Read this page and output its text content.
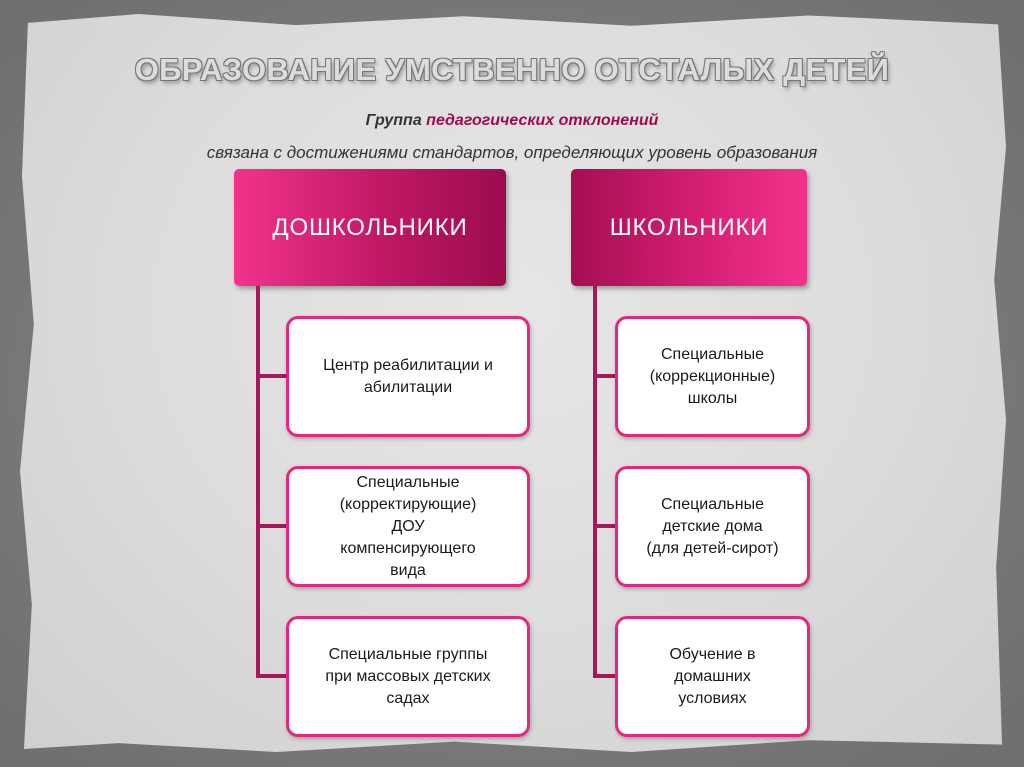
ОБРАЗОВАНИЕ УМСТВЕННО ОТСТАЛЫХ ДЕТЕЙ
Группа педагогических отклонений
связана с достижениями стандартов, определяющих уровень образования
ДОШКОЛЬНИКИ
Центр реабилитации и
абилитации
Специальные
(корректирующие)
ДОУ
компенсирующего
вида
Специальные группы
при массовых детских
садах
ШКОЛЬНИКИ
Специальные
(коррекционные)
школы
Специальные
детские дома
(для детей-сирот)
Обучение в
домашних
условиях
